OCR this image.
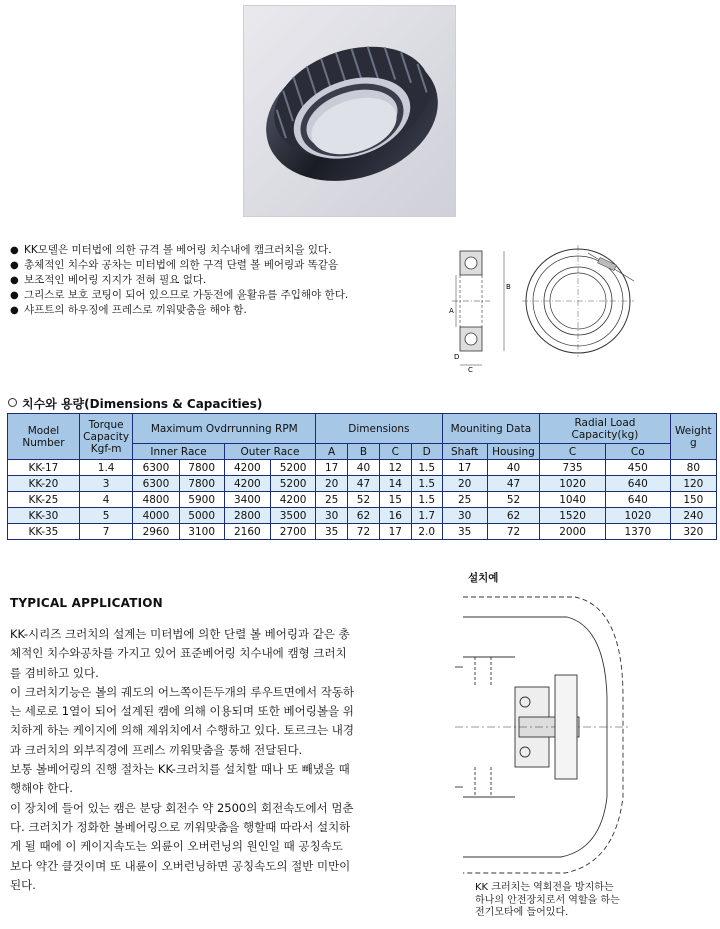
● KK모델은 미터법에 의한 규격 볼 베어링 치수내에 캠크러치을 있다.
● 총체적인 치수와 공차는 미터법에 의한 구격 단렬 볼 베어링과 똑같음
● 보조적인 베어링 지지가 전혀 필요 없다.
● 그리스로 보호 코팅이 되어 있으므로 가동전에 윤활유를 주입해야 한다.
● 샤프트의 하우징에 프레스로 끼워맞춤을 해야 함.
B
A
D
C
치수와 용량(Dimensions & Capacities)
Model Number	Torque Capacity Kgf-m	Maximum Ovdrrunning RPM				Dimensions				Mouniting Data		Radial Load Capacity(kg)		Weight g
		Inner Race		Outer Race		A	B	C	D	Shaft	Housing	C	Co	
KK-17	1.4	6300	7800	4200	5200	17	40	12	1.5	17	40	735	450	80
KK-20	3	6300	7800	4200	5200	20	47	14	1.5	20	47	1020	640	120
KK-25	4	4800	5900	3400	4200	25	52	15	1.5	25	52	1040	640	150
KK-30	5	4000	5000	2800	3500	30	62	16	1.7	30	62	1520	1020	240
KK-35	7	2960	3100	2160	2700	35	72	17	2.0	35	72	2000	1370	320
TYPICAL APPLICATION

KK-시리즈 크러치의 설계는 미터법에 의한 단렬 볼 베어링과 같은 총체적인 치수와공차를 가지고 있어 표준베어링 치수내에 캠형 크러치를 겸비하고 있다.

이 크러치기능은 볼의 궤도의 어느쪽이든두개의 루우트면에서 작동하는 세로로 1열이 되어 설계된 캠에 의해 이용되며 또한 베어링볼을 위치하게 하는 케이지에 의해 제위치에서 수행하고 있다. 토르크는 내경과 크러치의 외부직경에 프레스 끼워맞춤을 통해 전달된다.

보통 볼베어링의 진행 절차는 KK-크러치를 설치할 때나 또 빼냈을 때 행해야 한다.

이 장치에 들어 있는 캠은 분당 회전수 약 2500의 회전속도에서 멈춘다. 크러치가 정화한 볼베어링으로 끼워맞춤을 행할때 따라서 설치하게 될 때에 이 케이지속도는 외륜이 오버런닝의 원인일 때 공칭속도 보다 약간 클것이며 또 내륜이 오버런닝하면 공칭속도의 절반 미만이 된다.

설치예
KK 크러치는 역회전을 방지하는 하나의 안전장치로서 역할을 하는 전기모타에 들어있다.
